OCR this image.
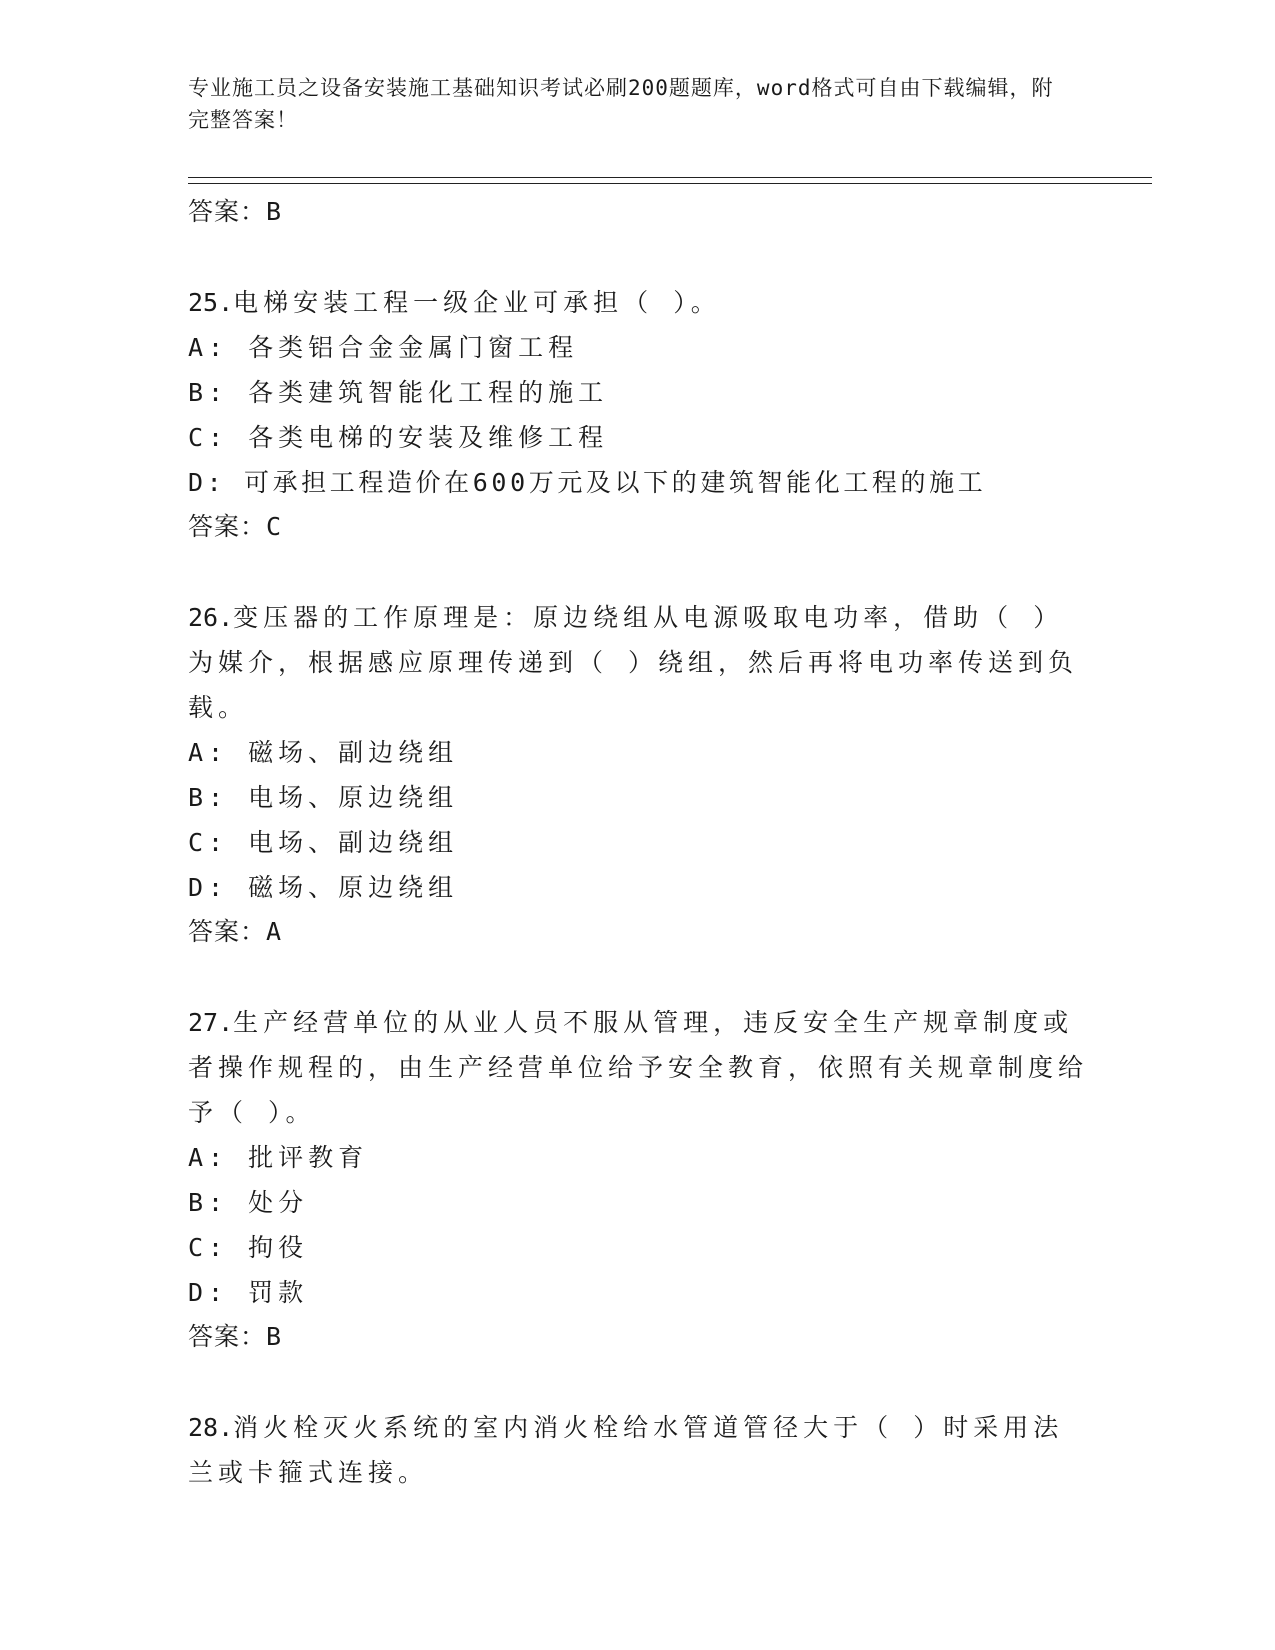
专业施工员之设备安装施工基础知识考试必刷200题题库，word格式可自由下载编辑，附完整答案！
答案：B
25.电梯安装工程一级企业可承担（ ）。
A: 各类铝合金金属门窗工程
B: 各类建筑智能化工程的施工
C: 各类电梯的安装及维修工程
D: 可承担工程造价在600万元及以下的建筑智能化工程的施工
答案：C
26.变压器的工作原理是：原边绕组从电源吸取电功率，借助（ ）为媒介，根据感应原理传递到（ ）绕组，然后再将电功率传送到负载。
A: 磁场、副边绕组
B: 电场、原边绕组
C: 电场、副边绕组
D: 磁场、原边绕组
答案：A
27.生产经营单位的从业人员不服从管理，违反安全生产规章制度或者操作规程的，由生产经营单位给予安全教育，依照有关规章制度给予（ ）。
A: 批评教育
B: 处分
C: 拘役
D: 罚款
答案：B
28.消火栓灭火系统的室内消火栓给水管道管径大于（ ）时采用法兰或卡箍式连接。
